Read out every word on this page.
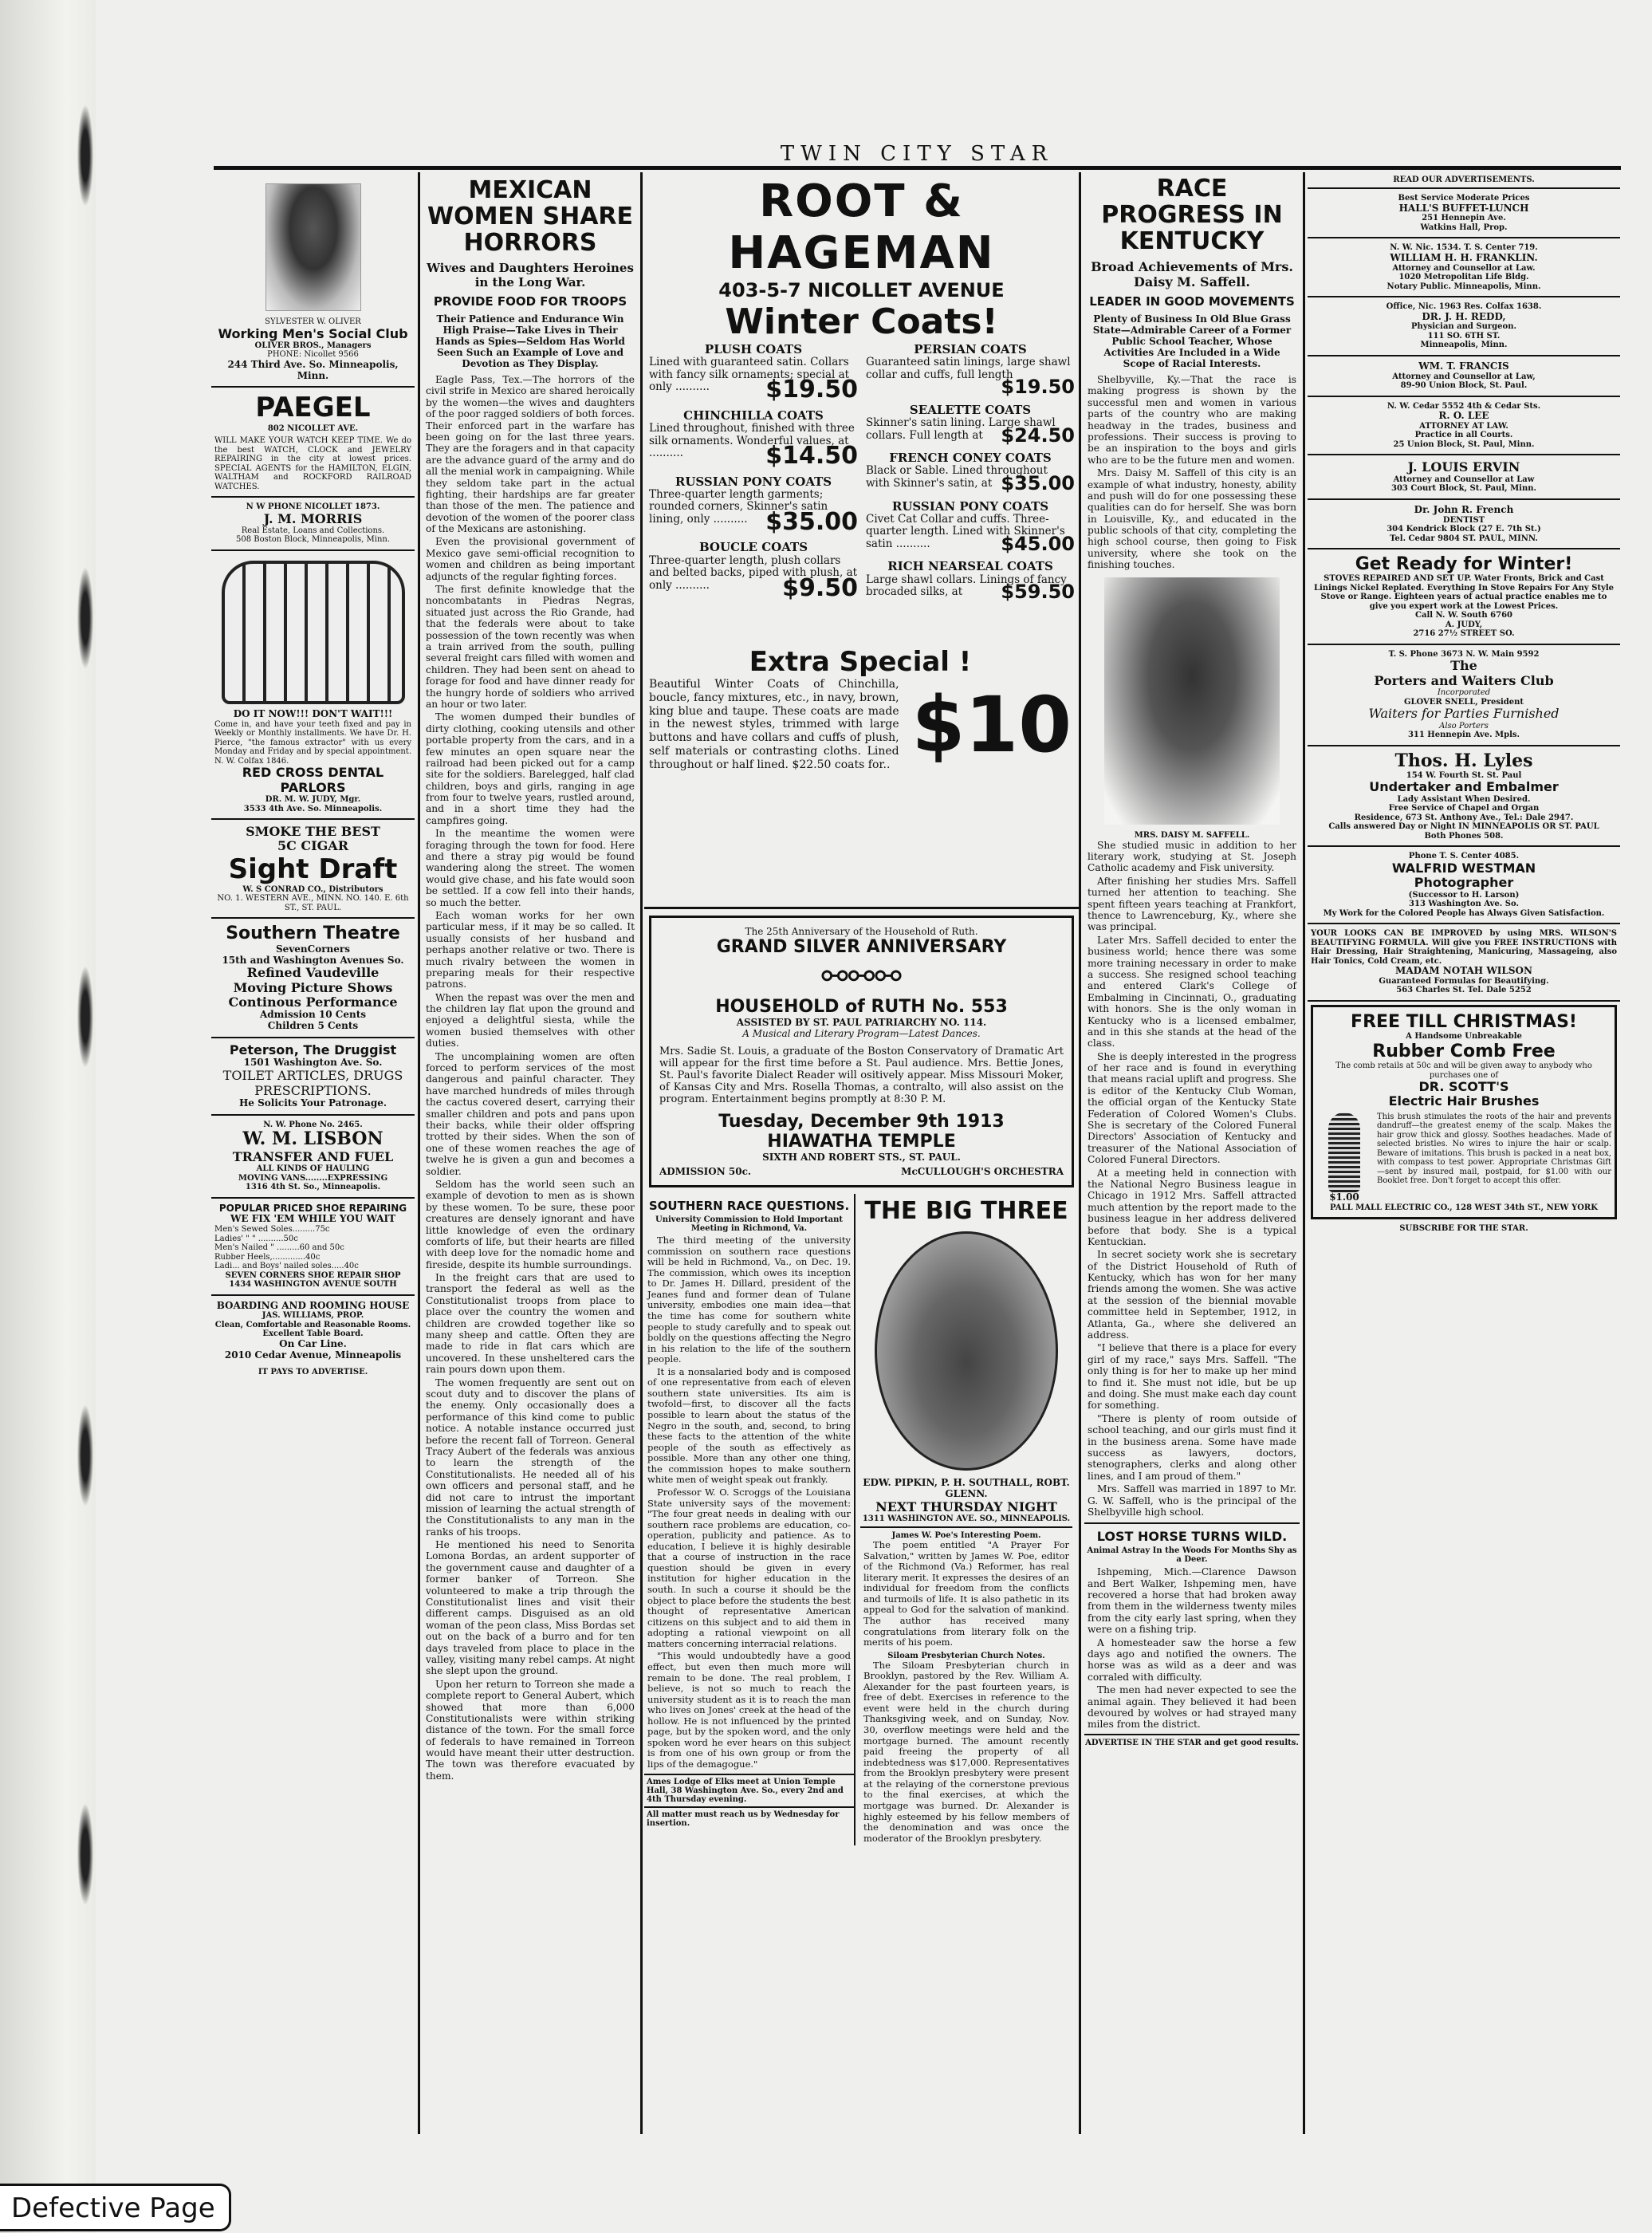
TWIN CITY STAR
SYLVESTER W. OLIVER
Working Men's Social Club
OLIVER BROS., Managers
PHONE: Nicollet 9566
244 Third Ave. So. Minneapolis, Minn.
PAEGEL
802 NICOLLET AVE.
WILL MAKE YOUR WATCH KEEP TIME. We do the best WATCH, CLOCK and JEWELRY REPAIRING in the city at lowest prices. SPECIAL AGENTS for the HAMILTON, ELGIN, WALTHAM and ROCKFORD RAILROAD WATCHES.
N W PHONE NICOLLET 1873.
J. M. MORRIS
Real Estate, Loans and Collections.
508 Boston Block, Minneapolis, Minn.
DO IT NOW!!! DON'T WAIT!!!
Come in, and have your teeth fixed and pay in Weekly or Monthly installments. We have Dr. H. Pierce, "the famous extractor" with us every Monday and Friday and by special appointment. N. W. Colfax 1846.
RED CROSS DENTAL PARLORS
DR. M. W. JUDY, Mgr.
3533 4th Ave. So. Minneapolis.
SMOKE THE BEST
5C CIGAR
Sight Draft
W. S CONRAD CO., Distributors
NO. 1. WESTERN AVE., MINN. NO. 140. E. 6th ST., ST. PAUL.
Southern Theatre
SevenCorners
15th and Washington Avenues So.
Refined Vaudeville
Moving Picture Shows
Continous Performance
Admission 10 Cents
Children 5 Cents
Peterson, The Druggist
1501 Washington Ave. So.
TOILET ARTICLES, DRUGS PRESCRIPTIONS.
He Solicits Your Patronage.
N. W. Phone No. 2465.
W. M. LISBON
TRANSFER AND FUEL
ALL KINDS OF HAULING
MOVING VANS........EXPRESSING
1316 4th St. So., Minneapolis.
POPULAR PRICED SHOE REPAIRING
WE FIX 'EM WHILE YOU WAIT
Men's Sewed Soles.........75c
Ladies' " " ..........50c
Men's Nailed " .........60 and 50c
Rubber Heels,.............40c
Ladi... and Boys' nailed soles.....40c
SEVEN CORNERS SHOE REPAIR SHOP
1434 WASHINGTON AVENUE SOUTH
BOARDING AND ROOMING HOUSE
JAS. WILLIAMS, PROP.
Clean, Comfortable and Reasonable Rooms. Excellent Table Board.
On Car Line.
2010 Cedar Avenue, Minneapolis
IT PAYS TO ADVERTISE.
MEXICAN WOMEN SHARE HORRORS
Wives and Daughters Heroines in the Long War.
PROVIDE FOOD FOR TROOPS
Their Patience and Endurance Win High Praise—Take Lives in Their Hands as Spies—Seldom Has World Seen Such an Example of Love and Devotion as They Display.

Eagle Pass, Tex.—The horrors of the civil strife in Mexico are shared heroically by the women—the wives and daughters of the poor ragged soldiers of both forces. Their enforced part in the warfare has been going on for the last three years. They are the foragers and in that capacity are the advance guard of the army and do all the menial work in campaigning. While they seldom take part in the actual fighting, their hardships are far greater than those of the men. The patience and devotion of the women of the poorer class of the Mexicans are astonishing.

Even the provisional government of Mexico gave semi-official recognition to women and children as being important adjuncts of the regular fighting forces.

The first definite knowledge that the noncombatants in Piedras Negras, situated just across the Rio Grande, had that the federals were about to take possession of the town recently was when a train arrived from the south, pulling several freight cars filled with women and children. They had been sent on ahead to forage for food and have dinner ready for the hungry horde of soldiers who arrived an hour or two later.

The women dumped their bundles of dirty clothing, cooking utensils and other portable property from the cars, and in a few minutes an open square near the railroad had been picked out for a camp site for the soldiers. Barelegged, half clad children, boys and girls, ranging in age from four to twelve years, rustled around, and in a short time they had the campfires going.

In the meantime the women were foraging through the town for food. Here and there a stray pig would be found wandering along the street. The women would give chase, and his fate would soon be settled. If a cow fell into their hands, so much the better.

Each woman works for her own particular mess, if it may be so called. It usually consists of her husband and perhaps another relative or two. There is much rivalry between the women in preparing meals for their respective patrons.

When the repast was over the men and the children lay flat upon the ground and enjoyed a delightful siesta, while the women busied themselves with other duties.

The uncomplaining women are often forced to perform services of the most dangerous and painful character. They have marched hundreds of miles through the cactus covered desert, carrying their smaller children and pots and pans upon their backs, while their older offspring trotted by their sides. When the son of one of these women reaches the age of twelve he is given a gun and becomes a soldier.

Seldom has the world seen such an example of devotion to men as is shown by these women. To be sure, these poor creatures are densely ignorant and have little knowledge of even the ordinary comforts of life, but their hearts are filled with deep love for the nomadic home and fireside, despite its humble surroundings.

In the freight cars that are used to transport the federal as well as the Constitutionalist troops from place to place over the country the women and children are crowded together like so many sheep and cattle. Often they are made to ride in flat cars which are uncovered. In these unsheltered cars the rain pours down upon them.

The women frequently are sent out on scout duty and to discover the plans of the enemy. Only occasionally does a performance of this kind come to public notice. A notable instance occurred just before the recent fall of Torreon. General Tracy Aubert of the federals was anxious to learn the strength of the Constitutionalists. He needed all of his own officers and personal staff, and he did not care to intrust the important mission of learning the actual strength of the Constitutionalists to any man in the ranks of his troops.

He mentioned his need to Senorita Lomona Bordas, an ardent supporter of the government cause and daughter of a former banker of Torreon. She volunteered to make a trip through the Constitutionalist lines and visit their different camps. Disguised as an old woman of the peon class, Miss Bordas set out on the back of a burro and for ten days traveled from place to place in the valley, visiting many rebel camps. At night she slept upon the ground.

Upon her return to Torreon she made a complete report to General Aubert, which showed that more than 6,000 Constitutionalists were within striking distance of the town. For the small force of federals to have remained in Torreon would have meant their utter destruction. The town was therefore evacuated by them.

ROOT & HAGEMAN
403-5-7 NICOLLET AVENUE
Winter Coats!
PLUSH COATS
Lined with guaranteed satin. Collars with fancy silk ornaments; special at only .......... $19.50
CHINCHILLA COATS
Lined throughout, finished with three silk ornaments. Wonderful values, at ..........	$14.50
RUSSIAN PONY COATS
Three-quarter length garments; rounded corners, Skinner's satin lining, only .......... $35.00
BOUCLE COATS
Three-quarter length, plush collars and belted backs, piped with plush, at only ..........	$9.50
PERSIAN COATS
Guaranteed satin linings, large shawl collar and cuffs, full length
$19.50
SEALETTE COATS
Skinner's satin lining. Large shawl collars. Full length at $24.50
FRENCH CONEY COATS
Black or Sable. Lined throughout with Skinner's satin, at $35.00
RUSSIAN PONY COATS
Civet Cat Collar and cuffs. Three-quarter length. Lined with Skinner's satin ..........	$45.00
RICH NEARSEAL COATS
Large shawl collars. Linings of fancy brocaded silks, at $59.50
Extra Special !
Beautiful Winter Coats of Chinchilla, boucle, fancy mixtures, etc., in navy, brown, king blue and taupe. These coats are made in the newest styles, trimmed with large buttons and have collars and cuffs of plush, self materials or contrasting cloths. Lined throughout or half lined. $22.50 coats for.. $10
The 25th Anniversary of the Household of Ruth.
GRAND SILVER ANNIVERSARY
⚯⚯⚯
HOUSEHOLD of RUTH No. 553
ASSISTED BY ST. PAUL PATRIARCHY NO. 114.
A Musical and Literary Program—Latest Dances.
Mrs. Sadie St. Louis, a graduate of the Boston Conservatory of Dramatic Art will appear for the first time before a St. Paul audience. Mrs. Bettie Jones, St. Paul's favorite Dialect Reader will ositively appear. Miss Missouri Moker, of Kansas City and Mrs. Rosella Thomas, a contralto, will also assist on the program. Entertainment begins promptly at 8:30 P. M.
Tuesday, December 9th 1913
HIAWATHA TEMPLE
SIXTH AND ROBERT STS., ST. PAUL.
ADMISSION 50c.	McCULLOUGH'S ORCHESTRA
SOUTHERN RACE QUESTIONS.
University Commission to Hold Important Meeting in Richmond, Va.

The third meeting of the university commission on southern race questions will be held in Richmond, Va., on Dec. 19. The commission, which owes its inception to Dr. James H. Dillard, president of the Jeanes fund and former dean of Tulane university, embodies one main idea—that the time has come for southern white people to study carefully and to speak out boldly on the questions affecting the Negro in his relation to the life of the southern people.

It is a nonsalaried body and is composed of one representative from each of eleven southern state universities. Its aim is twofold—first, to discover all the facts possible to learn about the status of the Negro in the south, and, second, to bring these facts to the attention of the white people of the south as effectively as possible. More than any other one thing, the commission hopes to make southern white men of weight speak out frankly.

Professor W. O. Scroggs of the Louisiana State university says of the movement: "The four great needs in dealing with our southern race problems are education, co-operation, publicity and patience. As to education, I believe it is highly desirable that a course of instruction in the race question should be given in every institution for higher education in the south. In such a course it should be the object to place before the students the best thought of representative American citizens on this subject and to aid them in adopting a rational viewpoint on all matters concerning interracial relations.

"This would undoubtedly have a good effect, but even then much more will remain to be done. The real problem, I believe, is not so much to reach the university student as it is to reach the man who lives on Jones' creek at the head of the hollow. He is not influenced by the printed page, but by the spoken word, and the only spoken word he ever hears on this subject is from one of his own group or from the lips of the demagogue."

Ames Lodge of Elks meet at Union Temple Hall, 38 Washington Ave. So., every 2nd and 4th Thursday evening.
All matter must reach us by Wednesday for insertion.
THE BIG THREE
EDW. PIPKIN, P. H. SOUTHALL, ROBT. GLENN.
NEXT THURSDAY NIGHT
1311 WASHINGTON AVE. SO., MINNEAPOLIS.
James W. Poe's Interesting Poem.

The poem entitled "A Prayer For Salvation," written by James W. Poe, editor of the Richmond (Va.) Reformer, has real literary merit. It expresses the desires of an individual for freedom from the conflicts and turmoils of life. It is also pathetic in its appeal to God for the salvation of mankind. The author has received many congratulations from literary folk on the merits of his poem.

Siloam Presbyterian Church Notes.

The Siloam Presbyterian church in Brooklyn, pastored by the Rev. William A. Alexander for the past fourteen years, is free of debt. Exercises in reference to the event were held in the church during Thanksgiving week, and on Sunday, Nov. 30, overflow meetings were held and the mortgage burned. The amount recently paid freeing the property of all indebtedness was $17,000. Representatives from the Brooklyn presbytery were present at the relaying of the cornerstone previous to the final exercises, at which the mortgage was burned. Dr. Alexander is highly esteemed by his fellow members of the denomination and was once the moderator of the Brooklyn presbytery.

RACE PROGRESS IN KENTUCKY
Broad Achievements of Mrs. Daisy M. Saffell.
LEADER IN GOOD MOVEMENTS
Plenty of Business In Old Blue Grass State—Admirable Career of a Former Public School Teacher, Whose Activities Are Included in a Wide Scope of Racial Interests.

Shelbyville, Ky.—That the race is making progress is shown by the successful men and women in various parts of the country who are making headway in the trades, business and professions. Their success is proving to be an inspiration to the boys and girls who are to be the future men and women.

Mrs. Daisy M. Saffell of this city is an example of what industry, honesty, ability and push will do for one possessing these qualities can do for herself. She was born in Louisville, Ky., and educated in the public schools of that city, completing the high school course, then going to Fisk university, where she took on the finishing touches.

MRS. DAISY M. SAFFELL.

She studied music in addition to her literary work, studying at St. Joseph Catholic academy and Fisk university.

After finishing her studies Mrs. Saffell turned her attention to teaching. She spent fifteen years teaching at Frankfort, thence to Lawrenceburg, Ky., where she was principal.

Later Mrs. Saffell decided to enter the business world; hence there was some more training necessary in order to make a success. She resigned school teaching and entered Clark's College of Embalming in Cincinnati, O., graduating with honors. She is the only woman in Kentucky who is a licensed embalmer, and in this she stands at the head of the class.

She is deeply interested in the progress of her race and is found in everything that means racial uplift and progress. She is editor of the Kentucky Club Woman, the official organ of the Kentucky State Federation of Colored Women's Clubs. She is secretary of the Colored Funeral Directors' Association of Kentucky and treasurer of the National Association of Colored Funeral Directors.

At a meeting held in connection with the National Negro Business league in Chicago in 1912 Mrs. Saffell attracted much attention by the report made to the business league in her address delivered before that body. She is a typical Kentuckian.

In secret society work she is secretary of the District Household of Ruth of Kentucky, which has won for her many friends among the women. She was active at the session of the biennial movable committee held in September, 1912, in Atlanta, Ga., where she delivered an address.

"I believe that there is a place for every girl of my race," says Mrs. Saffell. "The only thing is for her to make up her mind to find it. She must not idle, but be up and doing. She must make each day count for something.

"There is plenty of room outside of school teaching, and our girls must find it in the business arena. Some have made success as lawyers, doctors, stenographers, clerks and along other lines, and I am proud of them."

Mrs. Saffell was married in 1897 to Mr. G. W. Saffell, who is the principal of the Shelbyville high school.

LOST HORSE TURNS WILD.
Animal Astray In the Woods For Months Shy as a Deer.

Ishpeming, Mich.—Clarence Dawson and Bert Walker, Ishpeming men, have recovered a horse that had broken away from them in the wilderness twenty miles from the city early last spring, when they were on a fishing trip.

A homesteader saw the horse a few days ago and notified the owners. The horse was as wild as a deer and was corraled with difficulty.

The men had never expected to see the animal again. They believed it had been devoured by wolves or had strayed many miles from the district.

ADVERTISE IN THE STAR and get good results.
READ OUR ADVERTISEMENTS.
Best Service Moderate Prices
HALL'S BUFFET-LUNCH
251 Hennepin Ave.
Watkins Hall, Prop.
N. W. Nic. 1534. T. S. Center 719.
WILLIAM H. H. FRANKLIN.
Attorney and Counsellor at Law.
1020 Metropolitan Life Bldg.
Notary Public. Minneapolis, Minn.
Office, Nic. 1963 Res. Colfax 1638.
DR. J. H. REDD,
Physician and Surgeon.
111 SO. 6TH ST.
Minneapolis, Minn.
WM. T. FRANCIS
Attorney and Counsellor at Law,
89-90 Union Block, St. Paul.
N. W. Cedar 5552 4th & Cedar Sts.
R. O. LEE
ATTORNEY AT LAW.
Practice in all Courts.
25 Union Block, St. Paul, Minn.
J. LOUIS ERVIN
Attorney and Counsellor at Law
303 Court Block, St. Paul, Minn.
Dr. John R. French
DENTIST
304 Kendrick Block (27 E. 7th St.)
Tel. Cedar 9804 ST. PAUL, MINN.
Get Ready for Winter!
STOVES REPAIRED AND SET UP. Water Fronts, Brick and Cast Linings Nickel Replated. Everything In Stove Repairs For Any Style Stove or Range. Eighteen years of actual practice enables me to give you expert work at the Lowest Prices.
Call N. W. South 6760
A. JUDY,
2716 27½ STREET SO.
T. S. Phone 3673 N. W. Main 9592
The
Porters and Waiters Club
Incorporated
GLOVER SNELL, President
Waiters for Parties Furnished
Also Porters
311 Hennepin Ave. Mpls.
Thos. H. Lyles
154 W. Fourth St. St. Paul
Undertaker and Embalmer
Lady Assistant When Desired.
Free Service of Chapel and Organ
Residence, 673 St. Anthony Ave., Tel.: Dale 2947.
Calls answered Day or Night IN MINNEAPOLIS OR ST. PAUL
Both Phones 508.
Phone T. S. Center 4085.
WALFRID WESTMAN
Photographer
(Successor to H. Larson)
313 Washington Ave. So.
My Work for the Colored People has Always Given Satisfaction.
YOUR LOOKS CAN BE IMPROVED by using MRS. WILSON'S BEAUTIFYING FORMULA. Will give you FREE INSTRUCTIONS with Hair Dressing, Hair Straightening, Manicuring, Massageing, also Hair Tonics, Cold Cream, etc.
MADAM NOTAH WILSON
Guaranteed Formulas for Beautifying.
563 Charles St. Tel. Dale 5252
FREE TILL CHRISTMAS!
A Handsome Unbreakable
Rubber Comb Free
The comb retails at 50c and will be given away to anybody who purchases one of
DR. SCOTT'S
Electric Hair Brushes
$1.00
This brush stimulates the roots of the hair and prevents dandruff—the greatest enemy of the scalp. Makes the hair grow thick and glossy. Soothes headaches. Made of selected bristles. No wires to injure the hair or scalp. Beware of imitations. This brush is packed in a neat box, with compass to test power. Appropriate Christmas Gift —sent by insured mail, postpaid, for $1.00 with our Booklet free. Don't forget to accept this offer.
PALL MALL ELECTRIC CO., 128 WEST 34th ST., NEW YORK
SUBSCRIBE FOR THE STAR.
Defective Page
